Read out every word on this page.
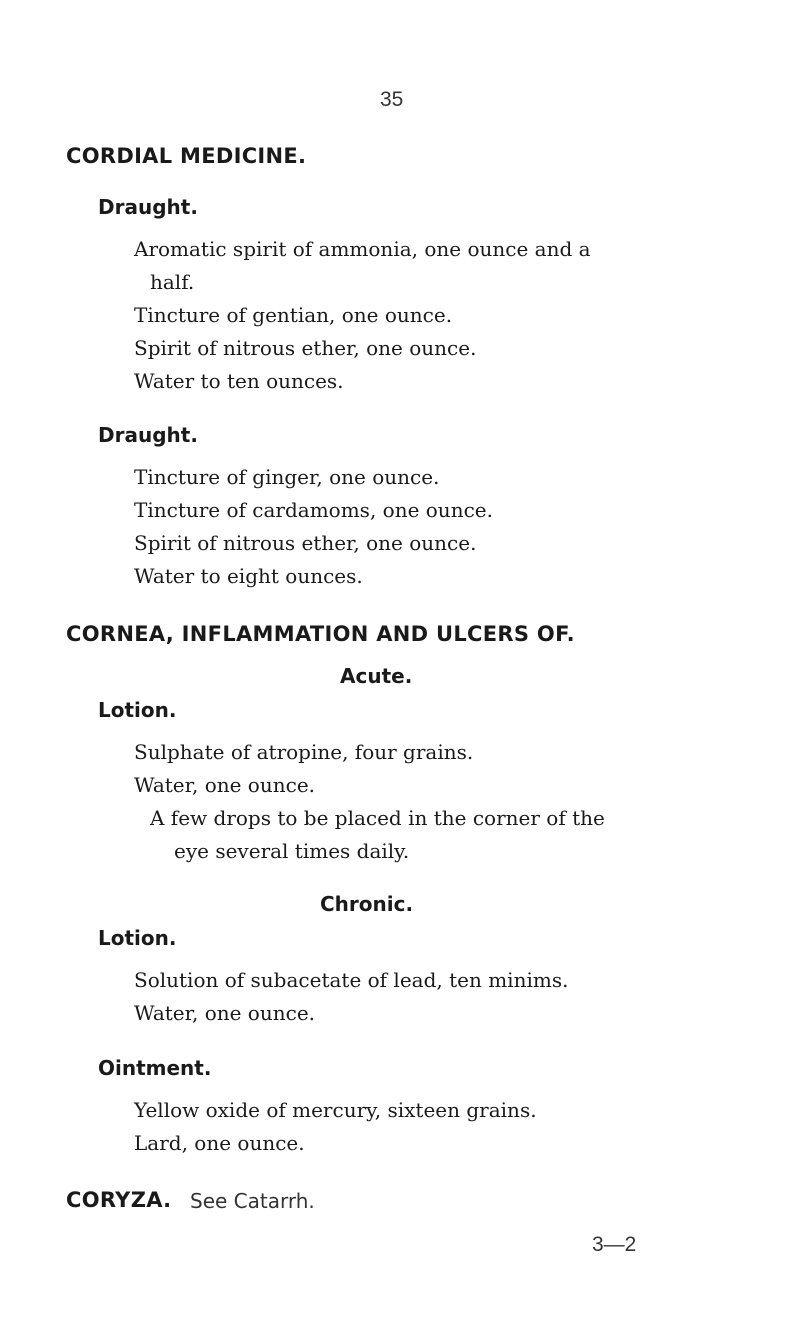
35
CORDIAL MEDICINE.
Draught.
Aromatic spirit of ammonia, one ounce and a
half.
Tincture of gentian, one ounce.
Spirit of nitrous ether, one ounce.
Water to ten ounces.
Draught.
Tincture of ginger, one ounce.
Tincture of cardamoms, one ounce.
Spirit of nitrous ether, one ounce.
Water to eight ounces.
CORNEA, INFLAMMATION AND ULCERS OF.
Acute.
Lotion.
Sulphate of atropine, four grains.
Water, one ounce.
A few drops to be placed in the corner of the
eye several times daily.
Chronic.
Lotion.
Solution of subacetate of lead, ten minims.
Water, one ounce.
Ointment.
Yellow oxide of mercury, sixteen grains.
Lard, one ounce.
CORYZA. See Catarrh.
3—2
